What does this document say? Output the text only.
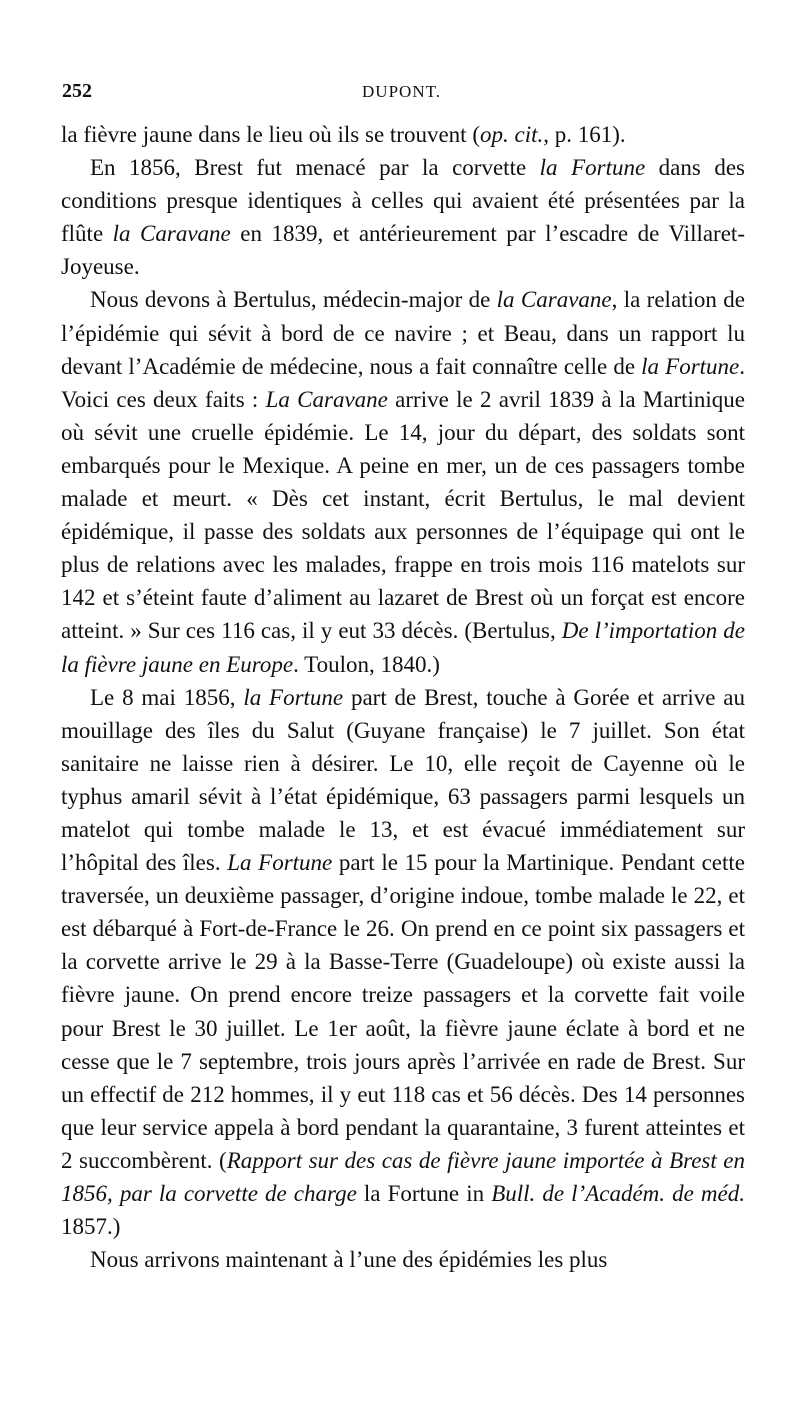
252	DUPONT.

la fièvre jaune dans le lieu où ils se trouvent (op. cit., p. 161).

En 1856, Brest fut menacé par la corvette la Fortune dans des conditions presque identiques à celles qui avaient été présentées par la flûte la Caravane en 1839, et antérieurement par l’escadre de Villaret-Joyeuse.

Nous devons à Bertulus, médecin-major de la Caravane, la relation de l’épidémie qui sévit à bord de ce navire ; et Beau, dans un rapport lu devant l’Académie de médecine, nous a fait connaître celle de la Fortune. Voici ces deux faits : La Caravane arrive le 2 avril 1839 à la Martinique où sévit une cruelle épidémie. Le 14, jour du départ, des soldats sont embarqués pour le Mexique. A peine en mer, un de ces passagers tombe malade et meurt. « Dès cet instant, écrit Bertulus, le mal devient épidémique, il passe des soldats aux personnes de l’équipage qui ont le plus de relations avec les malades, frappe en trois mois 116 matelots sur 142 et s’éteint faute d’aliment au lazaret de Brest où un forçat est encore atteint. » Sur ces 116 cas, il y eut 33 décès. (Bertulus, De l’importation de la fièvre jaune en Europe. Toulon, 1840.)

Le 8 mai 1856, la Fortune part de Brest, touche à Gorée et arrive au mouillage des îles du Salut (Guyane française) le 7 juillet. Son état sanitaire ne laisse rien à désirer. Le 10, elle reçoit de Cayenne où le typhus amaril sévit à l’état épidémique, 63 passagers parmi lesquels un matelot qui tombe malade le 13, et est évacué immédiatement sur l’hôpital des îles. La Fortune part le 15 pour la Martinique. Pendant cette traversée, un deuxième passager, d’origine indoue, tombe malade le 22, et est débarqué à Fort-de-France le 26. On prend en ce point six passagers et la corvette arrive le 29 à la Basse-Terre (Guadeloupe) où existe aussi la fièvre jaune. On prend encore treize passagers et la corvette fait voile pour Brest le 30 juillet. Le 1er août, la fièvre jaune éclate à bord et ne cesse que le 7 septembre, trois jours après l’arrivée en rade de Brest. Sur un effectif de 212 hommes, il y eut 118 cas et 56 décès. Des 14 personnes que leur service appela à bord pendant la quarantaine, 3 furent atteintes et 2 succombèrent. (Rapport sur des cas de fièvre jaune importée à Brest en 1856, par la corvette de charge la Fortune in Bull. de l’Académ. de méd. 1857.)

Nous arrivons maintenant à l’une des épidémies les plus
